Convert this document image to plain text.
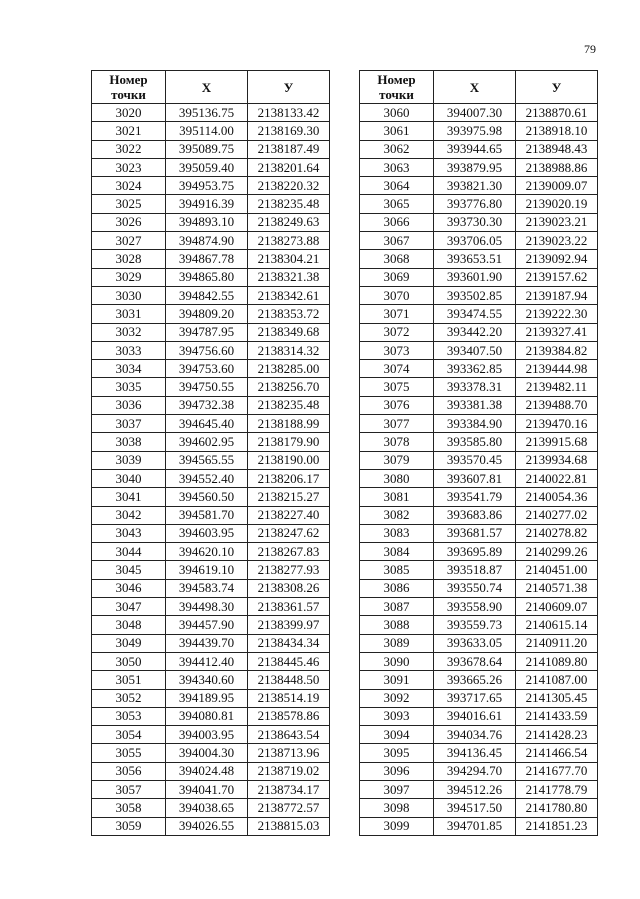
79
Номер
точки	X	У
3020	395136.75	2138133.42
3021	395114.00	2138169.30
3022	395089.75	2138187.49
3023	395059.40	2138201.64
3024	394953.75	2138220.32
3025	394916.39	2138235.48
3026	394893.10	2138249.63
3027	394874.90	2138273.88
3028	394867.78	2138304.21
3029	394865.80	2138321.38
3030	394842.55	2138342.61
3031	394809.20	2138353.72
3032	394787.95	2138349.68
3033	394756.60	2138314.32
3034	394753.60	2138285.00
3035	394750.55	2138256.70
3036	394732.38	2138235.48
3037	394645.40	2138188.99
3038	394602.95	2138179.90
3039	394565.55	2138190.00
3040	394552.40	2138206.17
3041	394560.50	2138215.27
3042	394581.70	2138227.40
3043	394603.95	2138247.62
3044	394620.10	2138267.83
3045	394619.10	2138277.93
3046	394583.74	2138308.26
3047	394498.30	2138361.57
3048	394457.90	2138399.97
3049	394439.70	2138434.34
3050	394412.40	2138445.46
3051	394340.60	2138448.50
3052	394189.95	2138514.19
3053	394080.81	2138578.86
3054	394003.95	2138643.54
3055	394004.30	2138713.96
3056	394024.48	2138719.02
3057	394041.70	2138734.17
3058	394038.65	2138772.57
3059	394026.55	2138815.03
Номер
точки	X	У
3060	394007.30	2138870.61
3061	393975.98	2138918.10
3062	393944.65	2138948.43
3063	393879.95	2138988.86
3064	393821.30	2139009.07
3065	393776.80	2139020.19
3066	393730.30	2139023.21
3067	393706.05	2139023.22
3068	393653.51	2139092.94
3069	393601.90	2139157.62
3070	393502.85	2139187.94
3071	393474.55	2139222.30
3072	393442.20	2139327.41
3073	393407.50	2139384.82
3074	393362.85	2139444.98
3075	393378.31	2139482.11
3076	393381.38	2139488.70
3077	393384.90	2139470.16
3078	393585.80	2139915.68
3079	393570.45	2139934.68
3080	393607.81	2140022.81
3081	393541.79	2140054.36
3082	393683.86	2140277.02
3083	393681.57	2140278.82
3084	393695.89	2140299.26
3085	393518.87	2140451.00
3086	393550.74	2140571.38
3087	393558.90	2140609.07
3088	393559.73	2140615.14
3089	393633.05	2140911.20
3090	393678.64	2141089.80
3091	393665.26	2141087.00
3092	393717.65	2141305.45
3093	394016.61	2141433.59
3094	394034.76	2141428.23
3095	394136.45	2141466.54
3096	394294.70	2141677.70
3097	394512.26	2141778.79
3098	394517.50	2141780.80
3099	394701.85	2141851.23
